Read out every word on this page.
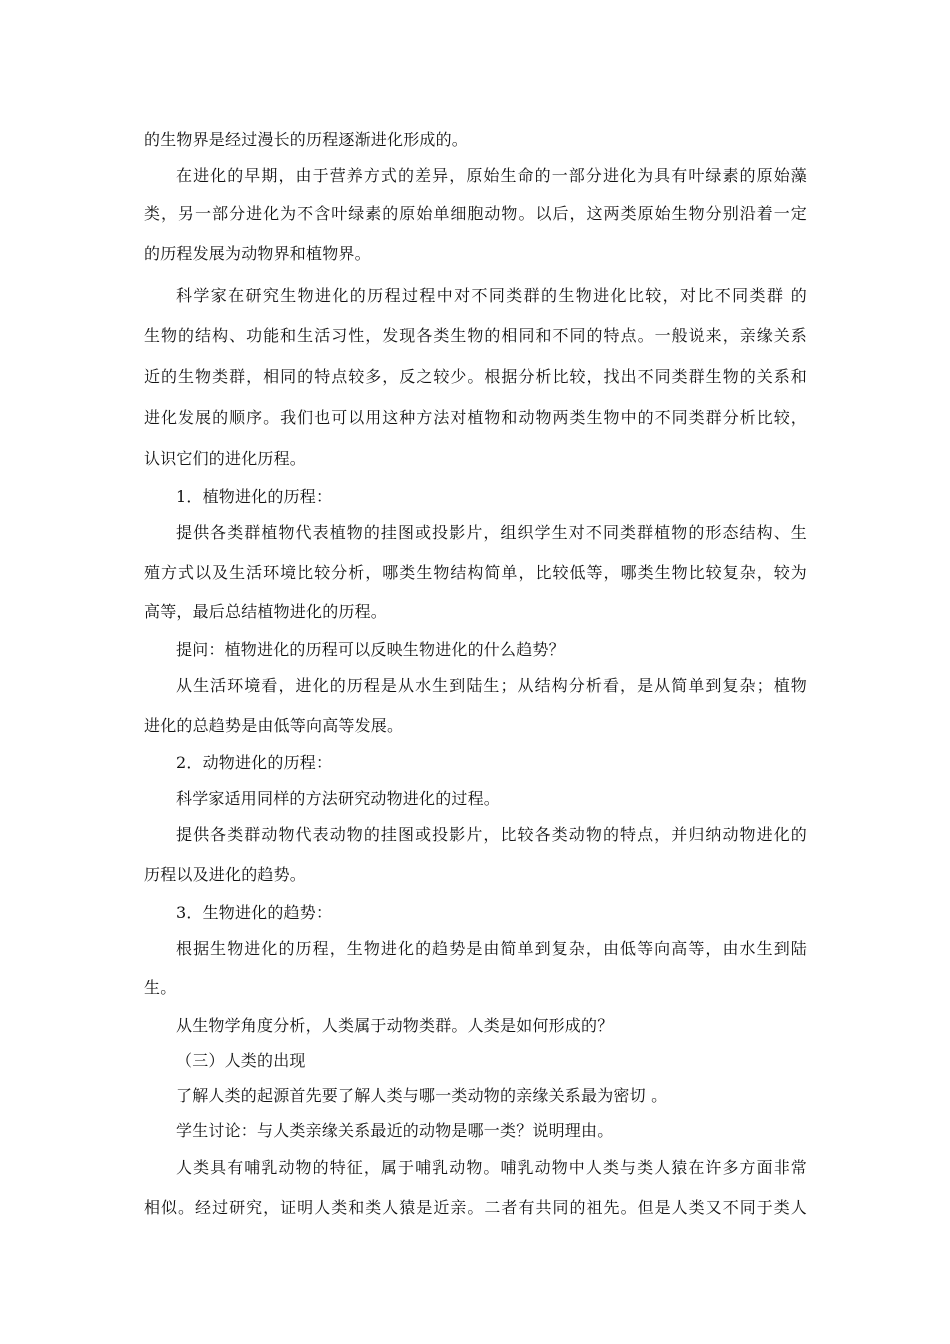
的生物界是经过漫长的历程逐渐进化形成的。
在进化的早期，由于营养方式的差异，原始生命的一部分进化为具有叶绿素的原始藻
类，另一部分进化为不含叶绿素的原始单细胞动物。以后，这两类原始生物分别沿着一定
的历程发展为动物界和植物界。
科学家在研究生物进化的历程过程中对不同类群的生物进化比较，对比不同类群 的
生物的结构、功能和生活习性，发现各类生物的相同和不同的特点。一般说来，亲缘关系
近的生物类群，相同的特点较多，反之较少。根据分析比较，找出不同类群生物的关系和
进化发展的顺序。我们也可以用这种方法对植物和动物两类生物中的不同类群分析比较，
认识它们的进化历程。
1．植物进化的历程：
提供各类群植物代表植物的挂图或投影片，组织学生对不同类群植物的形态结构、生
殖方式以及生活环境比较分析，哪类生物结构简单，比较低等，哪类生物比较复杂，较为
高等，最后总结植物进化的历程。
提问：植物进化的历程可以反映生物进化的什么趋势？
从生活环境看，进化的历程是从水生到陆生；从结构分析看，是从简单到复杂；植物
进化的总趋势是由低等向高等发展。
2．动物进化的历程：
科学家适用同样的方法研究动物进化的过程。
提供各类群动物代表动物的挂图或投影片，比较各类动物的特点，并归纳动物进化的
历程以及进化的趋势。
3．生物进化的趋势：
根据生物进化的历程，生物进化的趋势是由简单到复杂，由低等向高等，由水生到陆
生。
从生物学角度分析，人类属于动物类群。人类是如何形成的？
（三）人类的出现
了解人类的起源首先要了解人类与哪一类动物的亲缘关系最为密切 。
学生讨论：与人类亲缘关系最近的动物是哪一类？说明理由。
人类具有哺乳动物的特征，属于哺乳动物。哺乳动物中人类与类人猿在许多方面非常
相似。经过研究，证明人类和类人猿是近亲。二者有共同的祖先。但是人类又不同于类人
